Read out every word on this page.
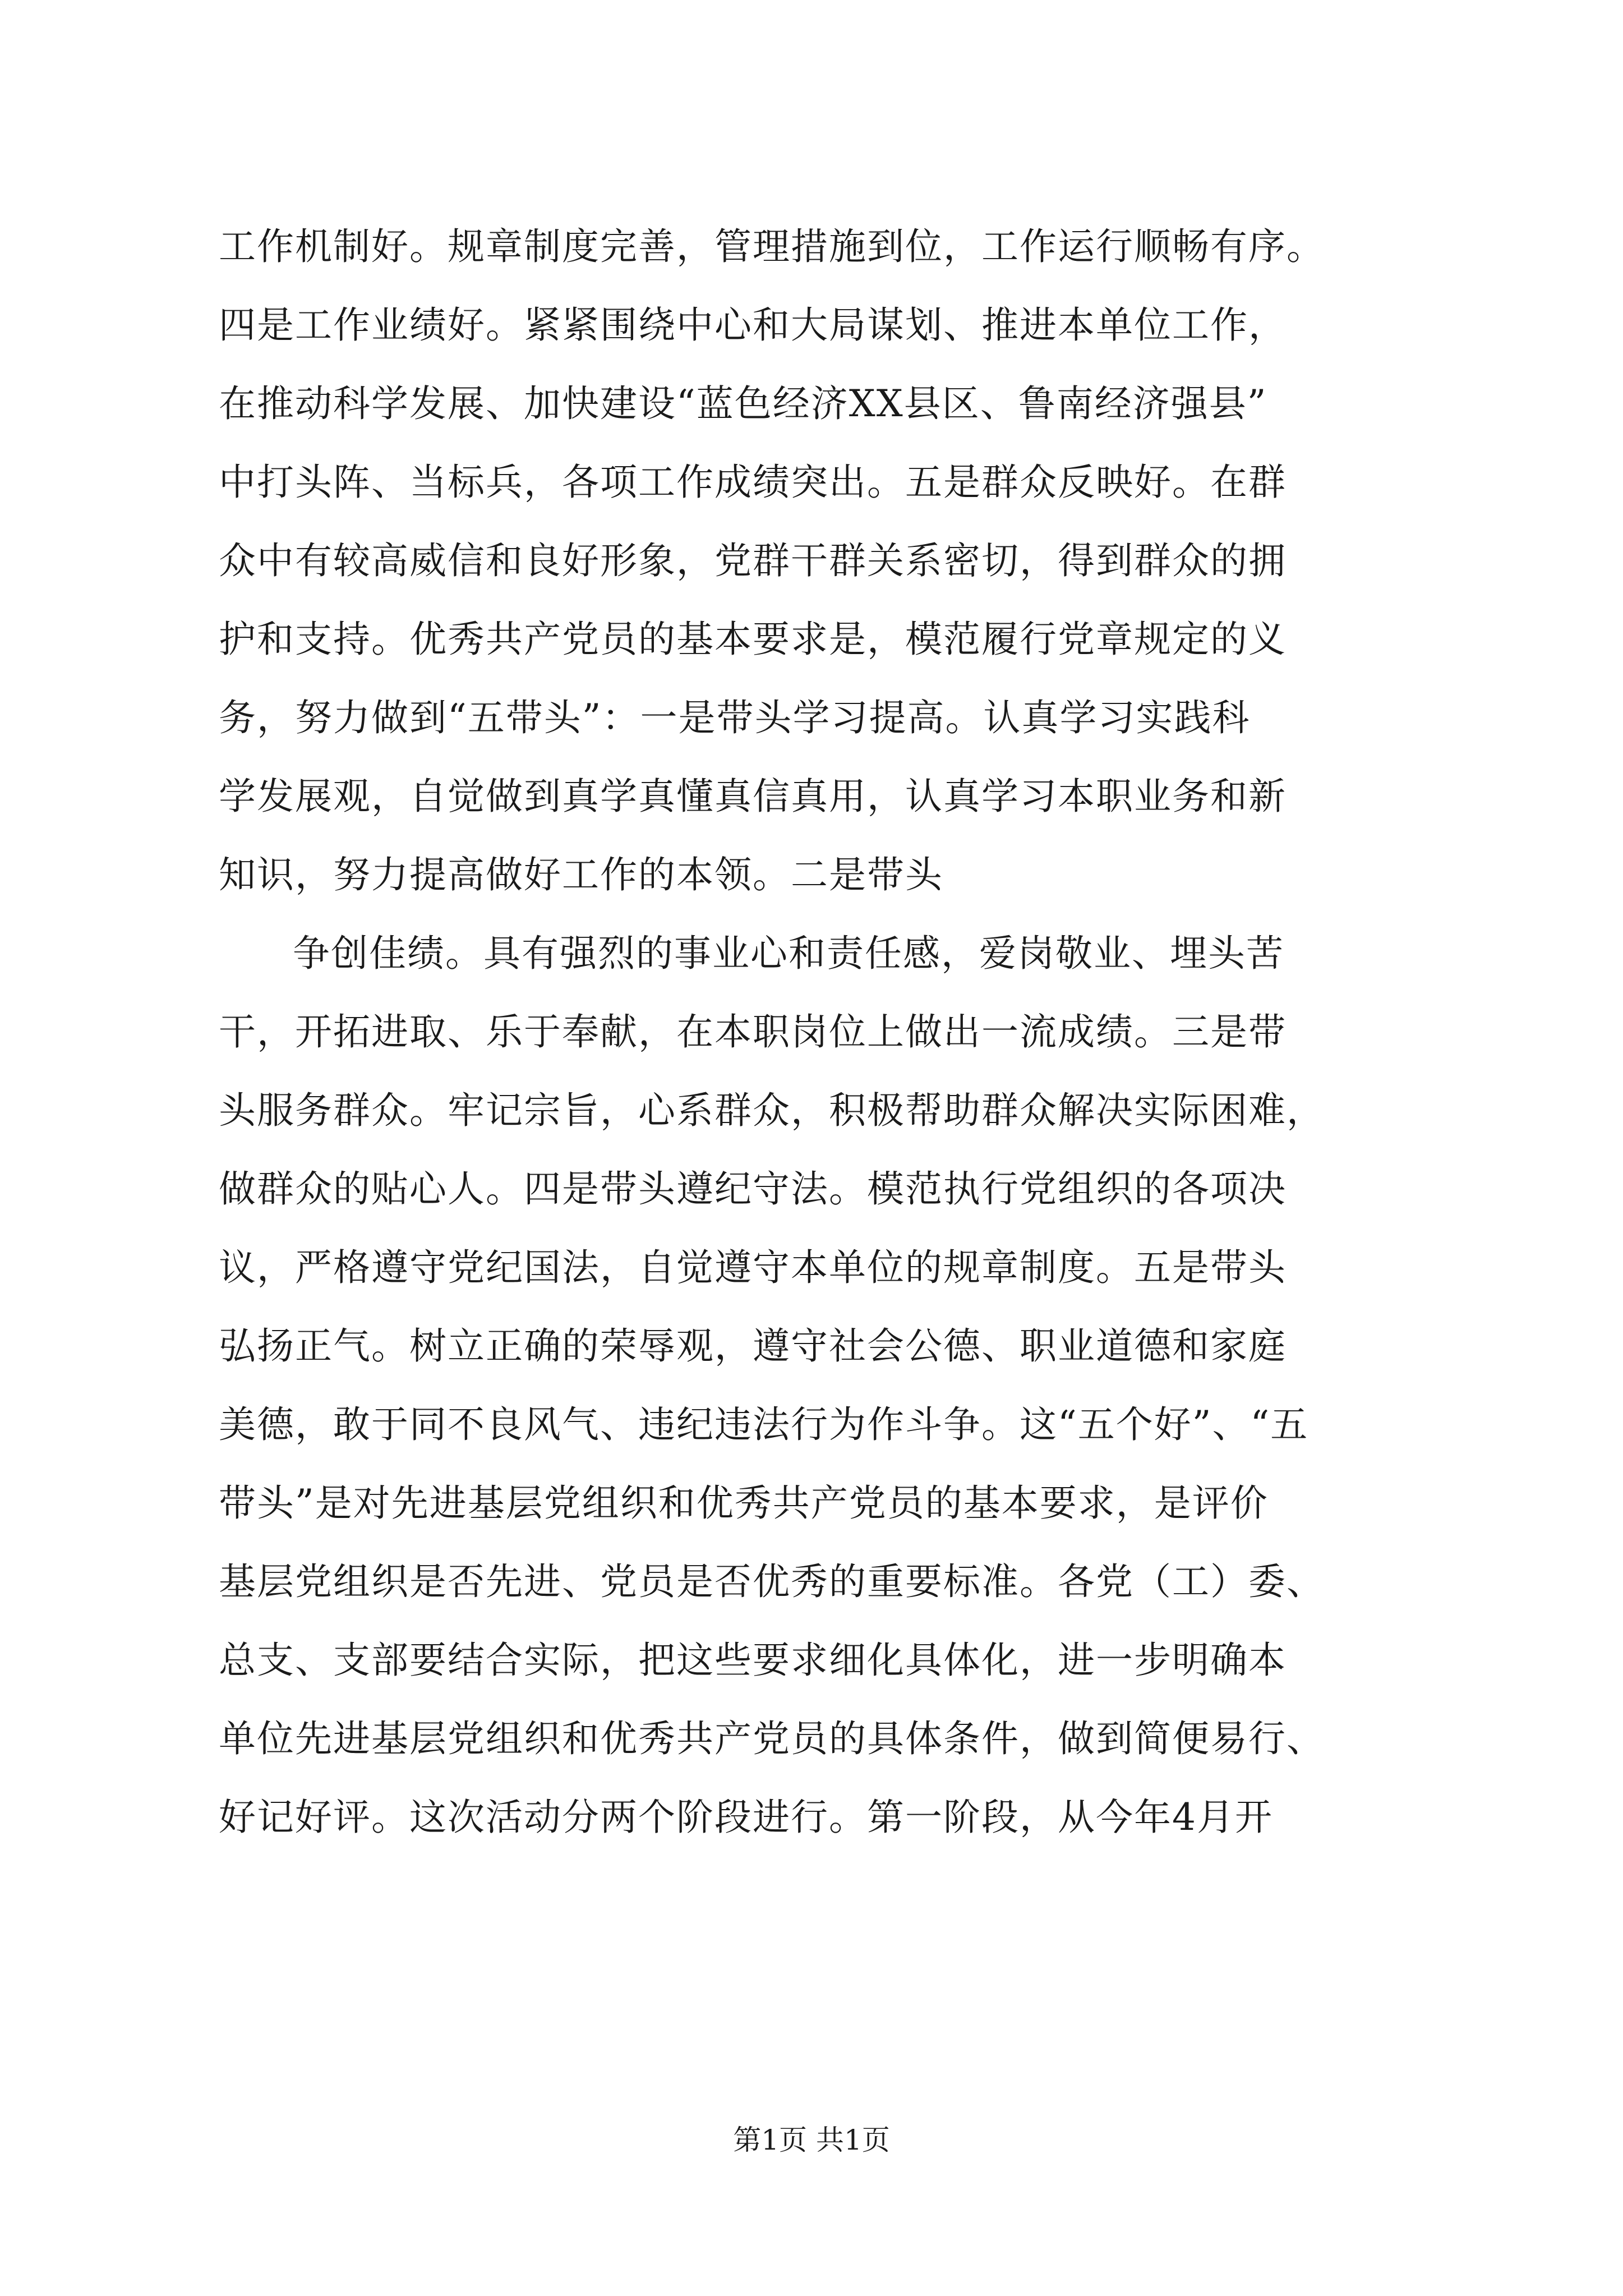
工作机制好。规章制度完善，管理措施到位，工作运行顺畅有序。
四是工作业绩好。紧紧围绕中心和大局谋划、推进本单位工作，
在推动科学发展、加快建设“蓝色经济XX县区、鲁南经济强县”
中打头阵、当标兵，各项工作成绩突出。五是群众反映好。在群
众中有较高威信和良好形象，党群干群关系密切，得到群众的拥
护和支持。优秀共产党员的基本要求是，模范履行党章规定的义
务，努力做到“五带头”：一是带头学习提高。认真学习实践科
学发展观，自觉做到真学真懂真信真用，认真学习本职业务和新
知识，努力提高做好工作的本领。二是带头
争创佳绩。具有强烈的事业心和责任感，爱岗敬业、埋头苦
干，开拓进取、乐于奉献，在本职岗位上做出一流成绩。三是带
头服务群众。牢记宗旨，心系群众，积极帮助群众解决实际困难，
做群众的贴心人。四是带头遵纪守法。模范执行党组织的各项决
议，严格遵守党纪国法，自觉遵守本单位的规章制度。五是带头
弘扬正气。树立正确的荣辱观，遵守社会公德、职业道德和家庭
美德，敢于同不良风气、违纪违法行为作斗争。这“五个好”、“五
带头”是对先进基层党组织和优秀共产党员的基本要求，是评价
基层党组织是否先进、党员是否优秀的重要标准。各党（工）委、
总支、支部要结合实际，把这些要求细化具体化，进一步明确本
单位先进基层党组织和优秀共产党员的具体条件，做到简便易行、
好记好评。这次活动分两个阶段进行。第一阶段，从今年4月开
第1页 共1页
